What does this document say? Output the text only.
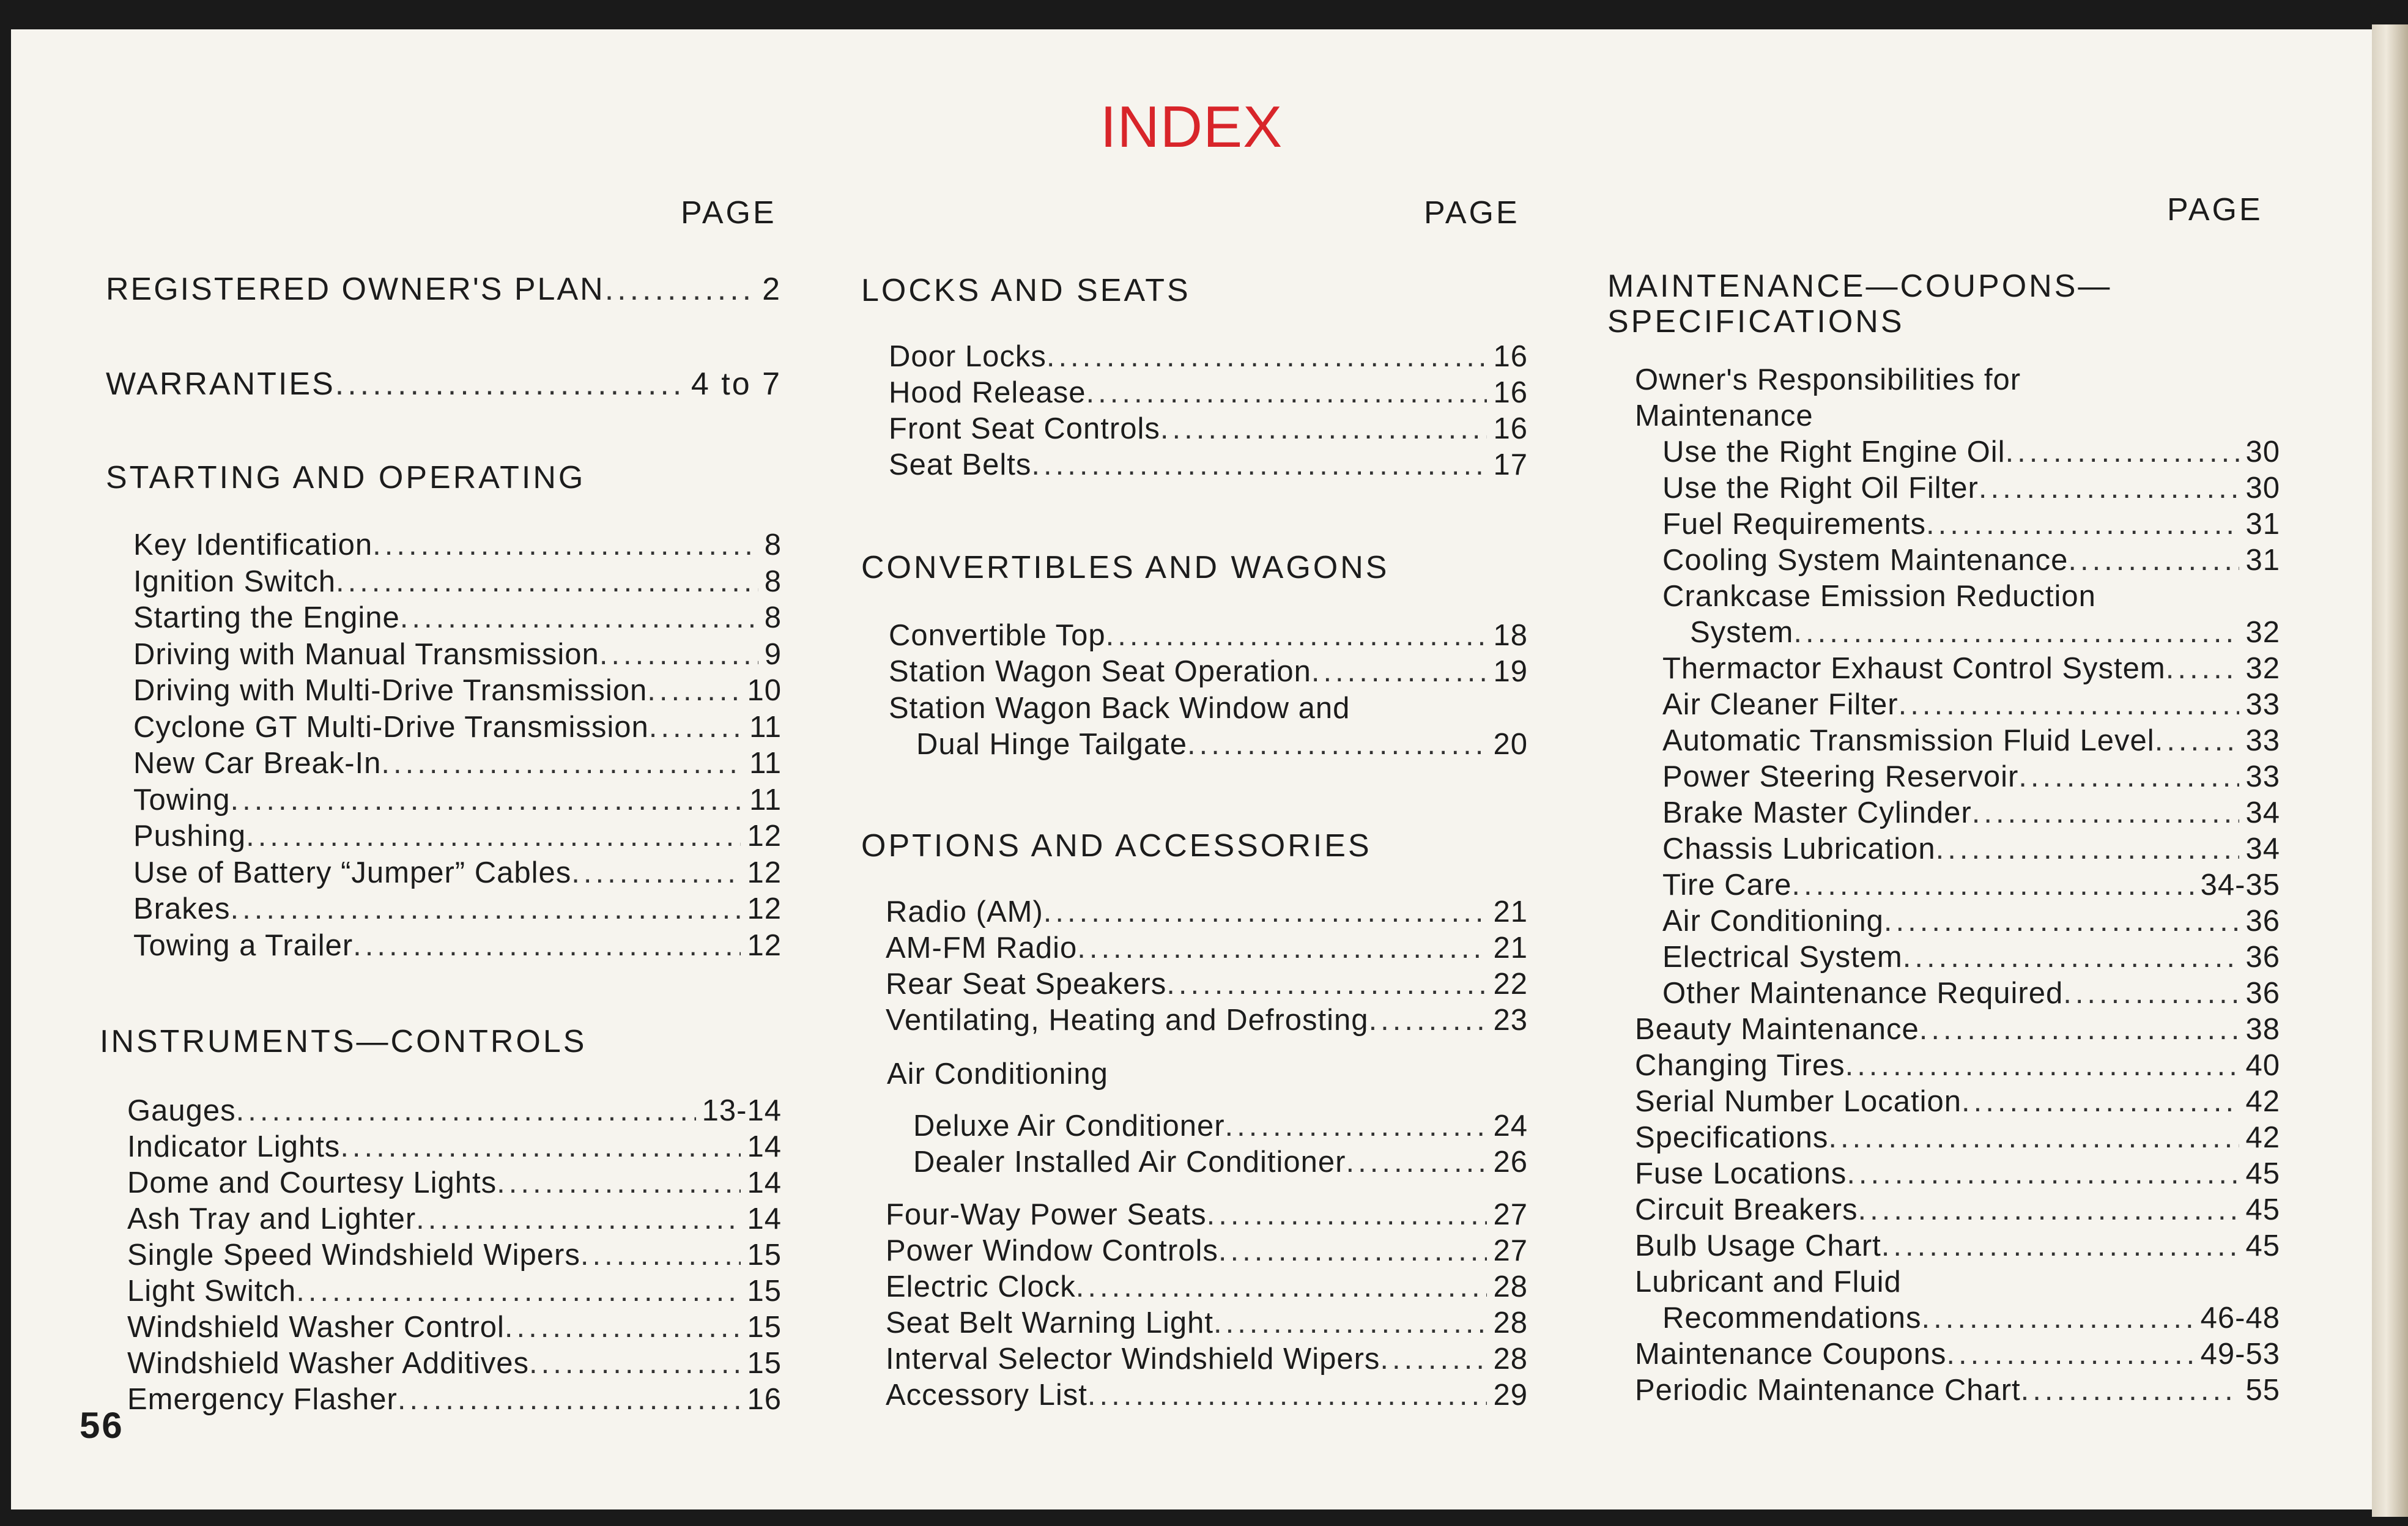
INDEX
PAGE
REGISTERED OWNER'S PLAN .....	2
WARRANTIES .....	4 to 7
STARTING AND OPERATING
Key Identification .....	8
Ignition Switch .....	8
Starting the Engine .....	8
Driving with Manual Transmission .....	9
Driving with Multi-Drive Transmission .....	10
Cyclone GT Multi-Drive Transmission .....	11
New Car Break-In .....	11
Towing .....	11
Pushing .....	12
Use of Battery “Jumper” Cables .....	12
Brakes .....	12
Towing a Trailer .....	12
INSTRUMENTS—CONTROLS
Gauges .....	13-14
Indicator Lights .....	14
Dome and Courtesy Lights .....	14
Ash Tray and Lighter .....	14
Single Speed Windshield Wipers .....	15
Light Switch .....	15
Windshield Washer Control .....	15
Windshield Washer Additives .....	15
Emergency Flasher .....	16
PAGE
LOCKS AND SEATS
Door Locks .....	16
Hood Release .....	16
Front Seat Controls .....	16
Seat Belts .....	17
CONVERTIBLES AND WAGONS
Convertible Top .....	18
Station Wagon Seat Operation .....	19
Station Wagon Back Window and
Dual Hinge Tailgate .....	20
OPTIONS AND ACCESSORIES
Radio (AM) .....	21
AM-FM Radio .....	21
Rear Seat Speakers .....	22
Ventilating, Heating and Defrosting .....	23
Air Conditioning
Deluxe Air Conditioner .....	24
Dealer Installed Air Conditioner .....	26
Four-Way Power Seats .....	27
Power Window Controls .....	27
Electric Clock .....	28
Seat Belt Warning Light .....	28
Interval Selector Windshield Wipers .....	28
Accessory List .....	29
PAGE
MAINTENANCE—COUPONS—
SPECIFICATIONS
Owner's Responsibilities for
Maintenance
Use the Right Engine Oil .....	30
Use the Right Oil Filter .....	30
Fuel Requirements .....	31
Cooling System Maintenance .....	31
Crankcase Emission Reduction
System .....	32
Thermactor Exhaust Control System .....	32
Air Cleaner Filter .....	33
Automatic Transmission Fluid Level .....	33
Power Steering Reservoir .....	33
Brake Master Cylinder .....	34
Chassis Lubrication .....	34
Tire Care .....	34-35
Air Conditioning .....	36
Electrical System .....	36
Other Maintenance Required .....	36
Beauty Maintenance .....	38
Changing Tires .....	40
Serial Number Location .....	42
Specifications .....	42
Fuse Locations .....	45
Circuit Breakers .....	45
Bulb Usage Chart .....	45
Lubricant and Fluid
Recommendations .....	46-48
Maintenance Coupons .....	49-53
Periodic Maintenance Chart .....	55
56
